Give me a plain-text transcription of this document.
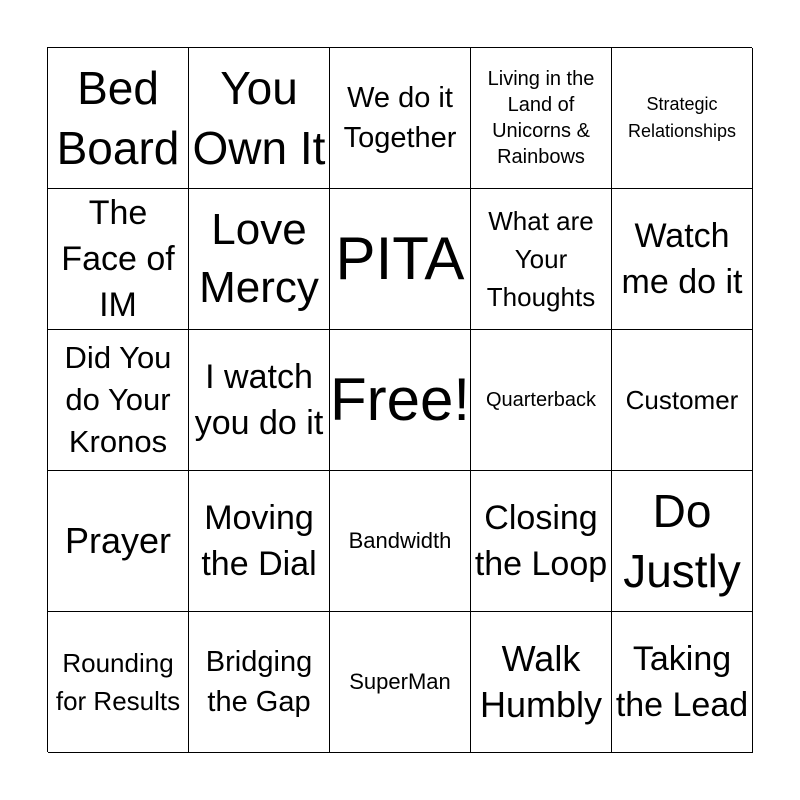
Bed Board
You Own It
We do it Together
Living in the Land of Unicorns & Rainbows
Strategic Relationships
The Face of IM
Love Mercy PITA
What are Your Thoughts
Watch me do it
Did You do Your Kronos
I watch you do it Free! Quarterback Customer
Prayer
Moving the Dial
Bandwidth
Closing the Loop
Do Justly
Rounding for Results
Bridging the Gap
SuperMan
Walk Humbly
Taking the Lead
